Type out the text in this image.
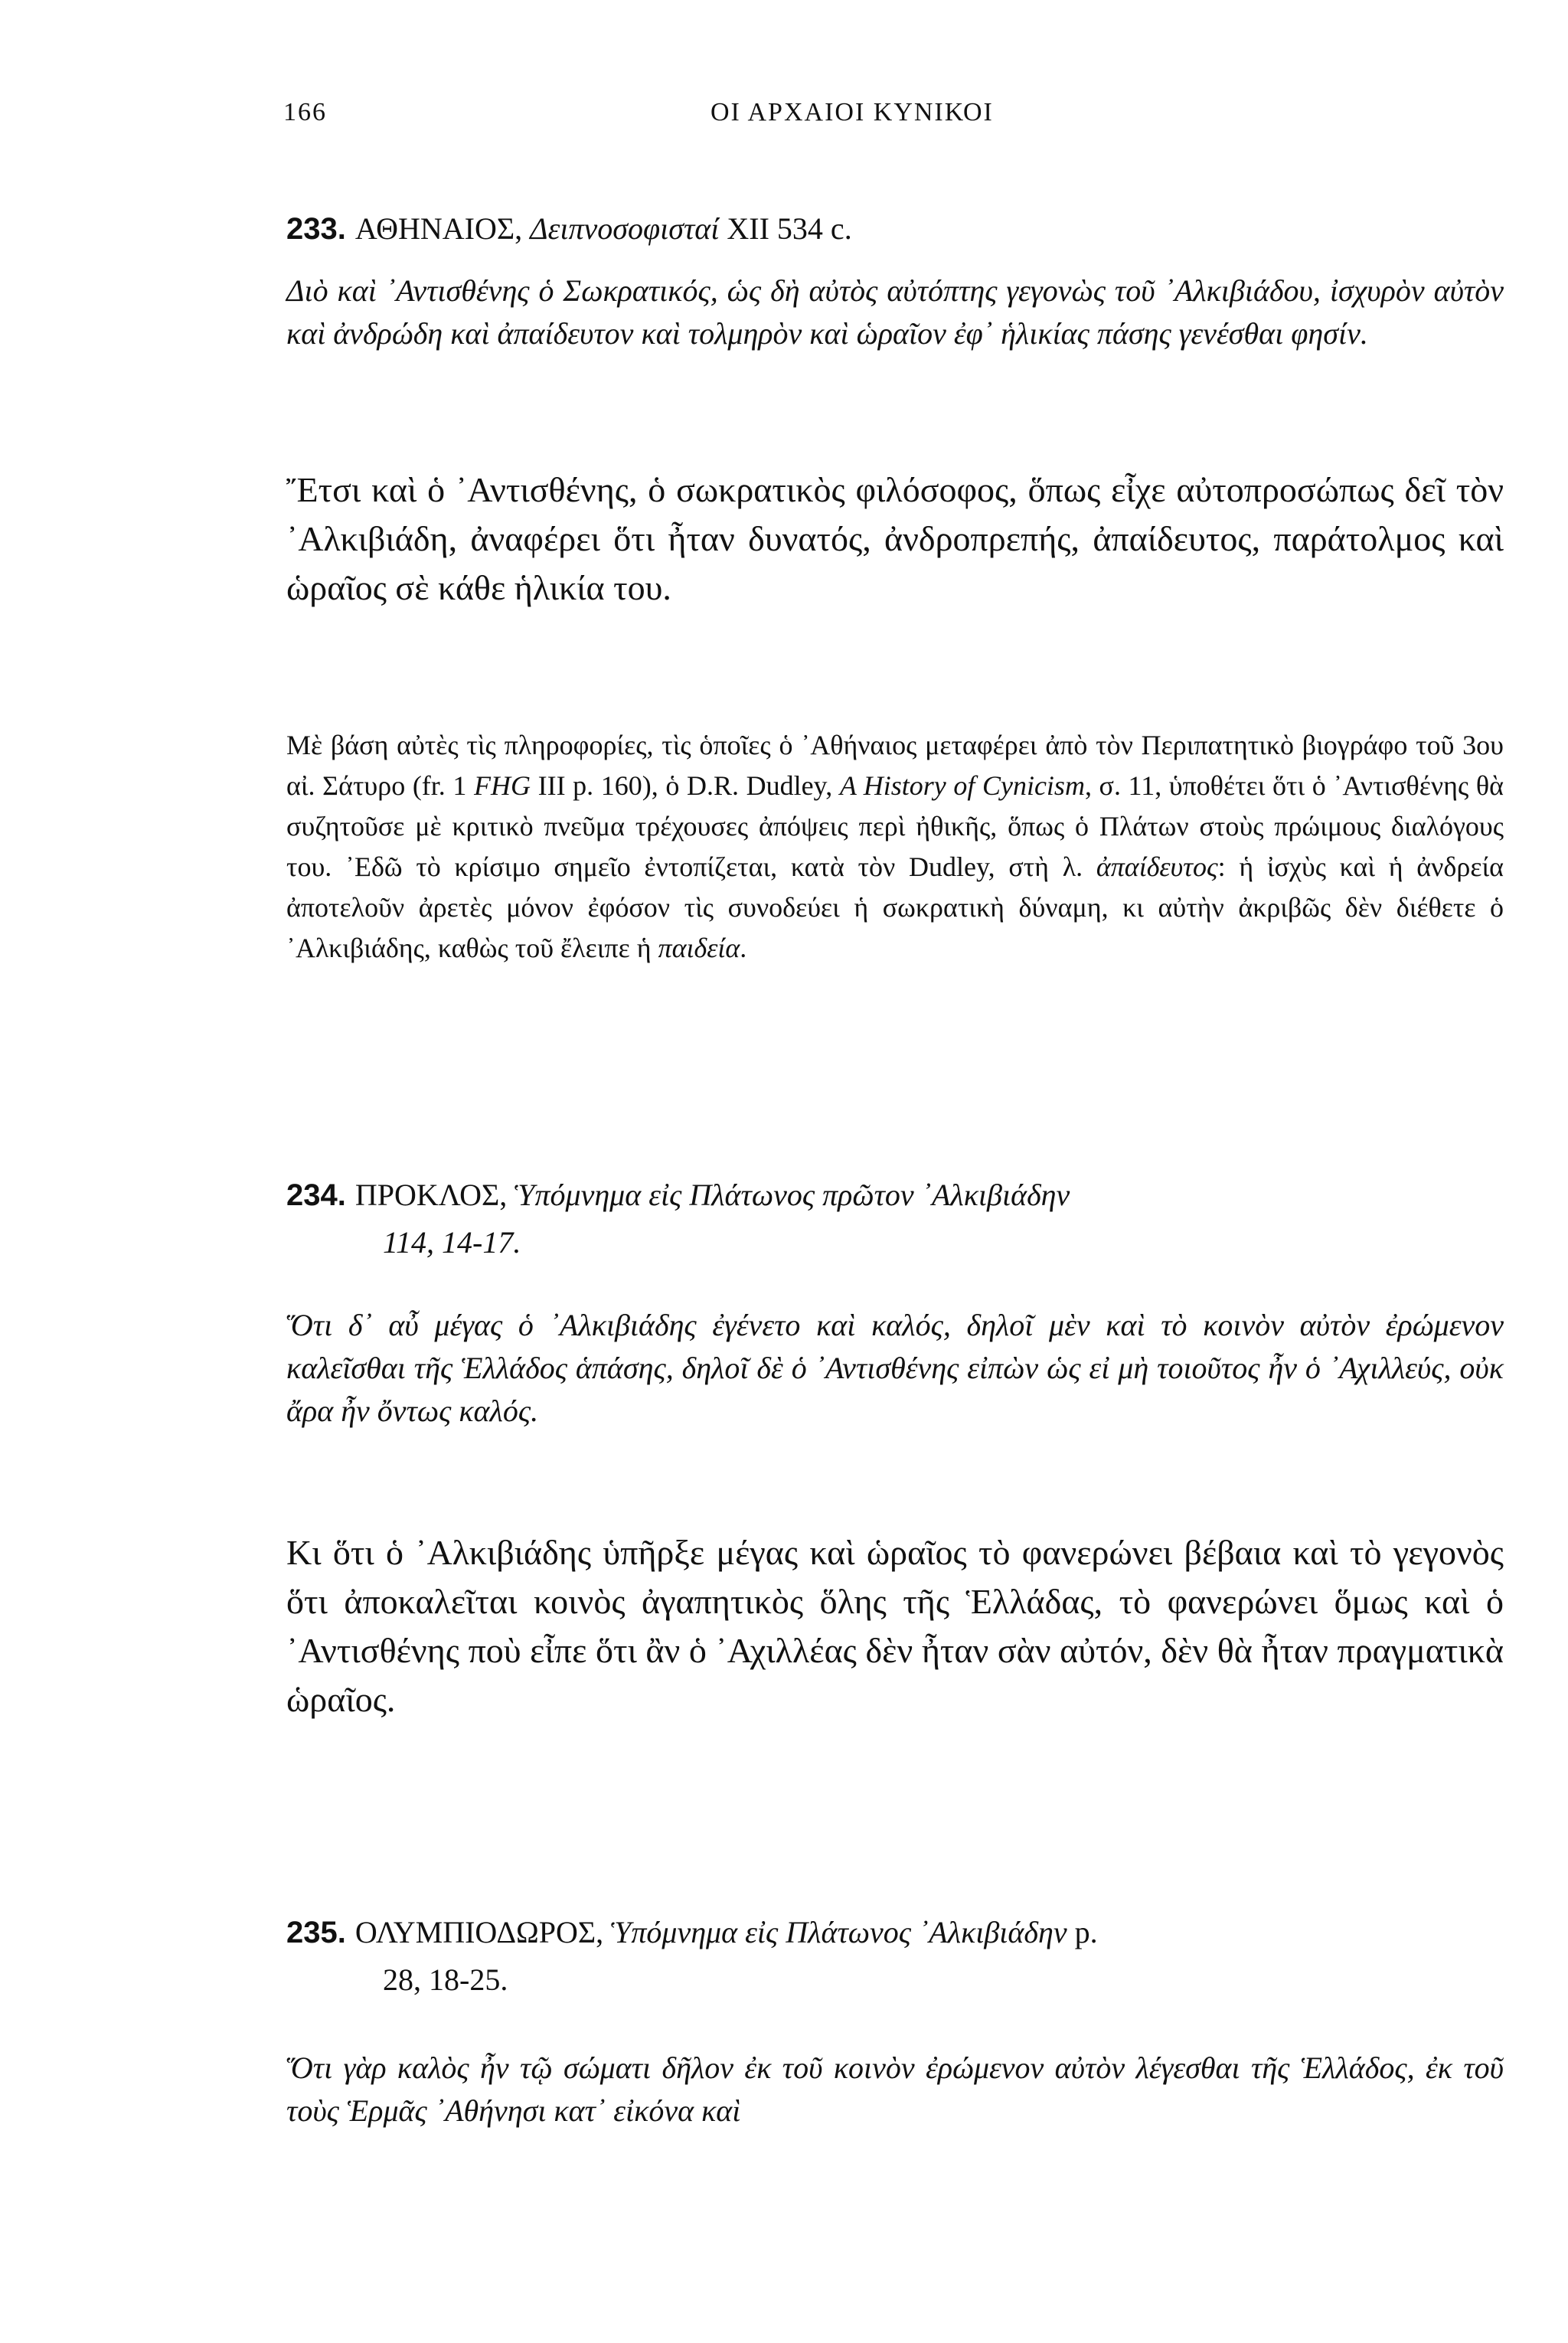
166	ΟΙ ΑΡΧΑΙΟΙ ΚΥΝΙΚΟΙ
233. ΑΘΗΝΑΙΟΣ, Δειπνοσοφισταί XII 534 c.
Διὸ καὶ ᾿Αντισθένης ὁ Σωκρατικός, ὡς δὴ αὐτὸς αὐτόπτης γεγονὼς τοῦ ᾿Αλκιβιάδου, ἰσχυρὸν αὐτὸν καὶ ἀνδρώδη καὶ ἀπαίδευτον καὶ τολμηρὸν καὶ ὡραῖον ἐφ᾿ ἡλικίας πάσης γενέσθαι φησίν.
Ἔτσι καὶ ὁ ᾿Αντισθένης, ὁ σωκρατικὸς φιλόσοφος, ὅπως εἶχε αὐτοπροσώπως δεῖ τὸν ᾿Αλκιβιάδη, ἀναφέρει ὅτι ἦταν δυνατός, ἀνδροπρεπής, ἀπαίδευτος, παράτολμος καὶ ὡραῖος σὲ κάθε ἡλικία του.
Μὲ βάση αὐτὲς τὶς πληροφορίες, τὶς ὁποῖες ὁ ᾿Αθήναιος μεταφέρει ἀπὸ τὸν Περιπατητικὸ βιογράφο τοῦ 3ου αἰ. Σάτυρο (fr. 1 FHG III p. 160), ὁ D.R. Dudley, A History of Cynicism, σ. 11, ὑποθέτει ὅτι ὁ ᾿Αντισθένης θὰ συζητοῦσε μὲ κριτικὸ πνεῦμα τρέχουσες ἀπόψεις περὶ ἠθικῆς, ὅπως ὁ Πλάτων στοὺς πρώιμους διαλόγους του. ᾿Εδῶ τὸ κρίσιμο σημεῖο ἐντοπίζεται, κατὰ τὸν Dudley, στὴ λ. ἀπαίδευτος: ἡ ἰσχὺς καὶ ἡ ἀνδρεία ἀποτελοῦν ἀρετὲς μόνον ἐφόσον τὶς συνοδεύει ἡ σωκρατικὴ δύναμη, κι αὐτὴν ἀκριβῶς δὲν διέθετε ὁ ᾿Αλκιβιάδης, καθὼς τοῦ ἔλειπε ἡ παιδεία.
234. ΠΡΟΚΛΟΣ, Ὑπόμνημα εἰς Πλάτωνος πρῶτον ᾿Αλκιβιάδην
114, 14-17.
Ὅτι δ᾿ αὖ μέγας ὁ ᾿Αλκιβιάδης ἐγένετο καὶ καλός, δηλοῖ μὲν καὶ τὸ κοινὸν αὐτὸν ἐρώμενον καλεῖσθαι τῆς Ἑλλάδος ἁπάσης, δηλοῖ δὲ ὁ ᾿Αντισθένης εἰπὼν ὡς εἰ μὴ τοιοῦτος ἦν ὁ ᾿Αχιλλεύς, οὐκ ἄρα ἦν ὄντως καλός.
Κι ὅτι ὁ ᾿Αλκιβιάδης ὑπῆρξε μέγας καὶ ὡραῖος τὸ φανερώνει βέβαια καὶ τὸ γεγονὸς ὅτι ἀποκαλεῖται κοινὸς ἀγαπητικὸς ὅλης τῆς Ἑλλάδας, τὸ φανερώνει ὅμως καὶ ὁ ᾿Αντισθένης ποὺ εἶπε ὅτι ἂν ὁ ᾿Αχιλλέας δὲν ἦταν σὰν αὐτόν, δὲν θὰ ἦταν πραγματικὰ ὡραῖος.
235. ΟΛΥΜΠΙΟΔΩΡΟΣ, Ὑπόμνημα εἰς Πλάτωνος ᾿Αλκιβιάδην p.
28, 18-25.
Ὅτι γὰρ καλὸς ἦν τῷ σώματι δῆλον ἐκ τοῦ κοινὸν ἐρώμενον αὐτὸν λέγεσθαι τῆς Ἑλλάδος, ἐκ τοῦ τοὺς Ἑρμᾶς ᾿Αθήνησι κατ᾿ εἰκόνα καὶ
